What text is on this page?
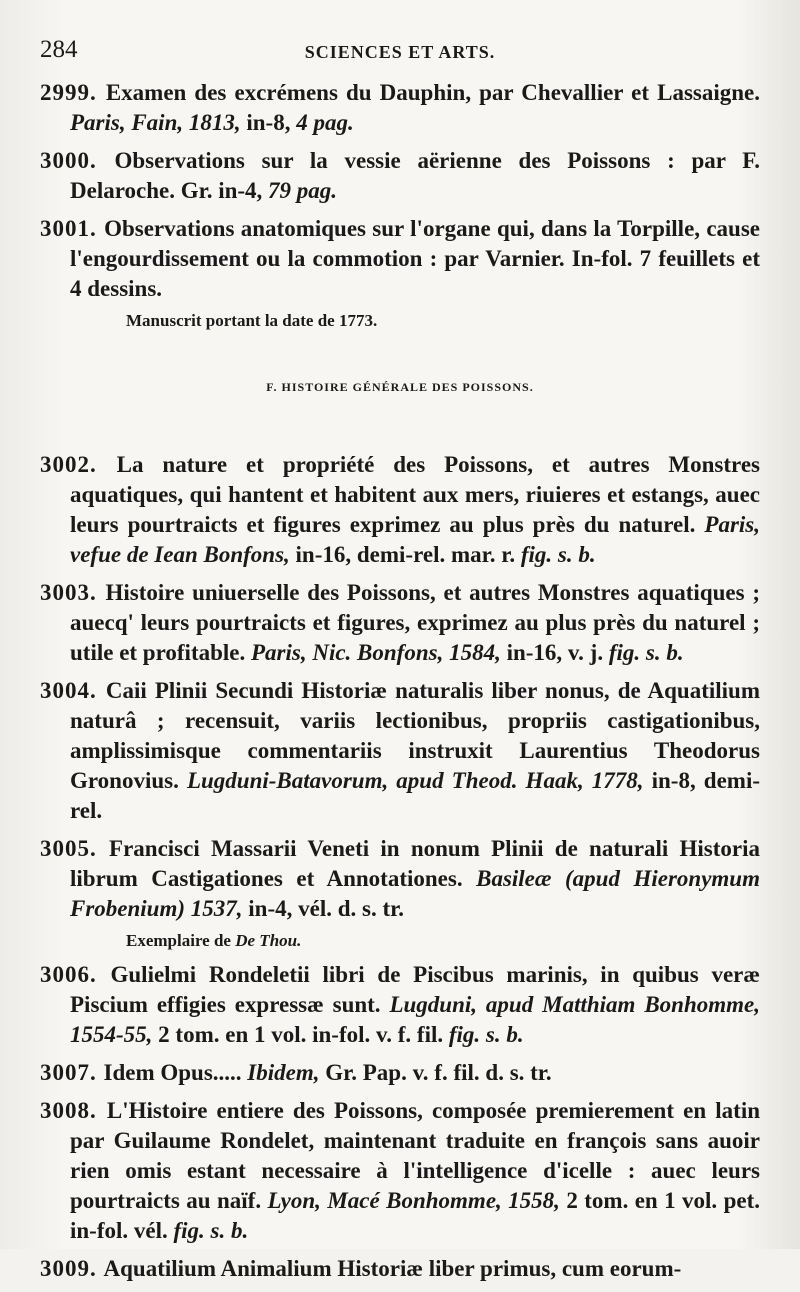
284	SCIENCES ET ARTS.

2999. Examen des excrémens du Dauphin, par Chevallier et Lassaigne. Paris, Fain, 1813, in-8, 4 pag.

3000. Observations sur la vessie aërienne des Poissons : par F. Delaroche. Gr. in-4, 79 pag.

3001. Observations anatomiques sur l'organe qui, dans la Torpille, cause l'engourdissement ou la commotion : par Varnier. In-fol. 7 feuillets et 4 dessins.

Manuscrit portant la date de 1773.
F. HISTOIRE GÉNÉRALE DES POISSONS.

3002. La nature et propriété des Poissons, et autres Monstres aquatiques, qui hantent et habitent aux mers, riuieres et estangs, auec leurs pourtraicts et figures exprimez au plus près du naturel. Paris, vefue de Iean Bonfons, in-16, demi-rel. mar. r. fig. s. b.

3003. Histoire uniuerselle des Poissons, et autres Monstres aquatiques ; auecq' leurs pourtraicts et figures, exprimez au plus près du naturel ; utile et profitable. Paris, Nic. Bonfons, 1584, in-16, v. j. fig. s. b.

3004. Caii Plinii Secundi Historiæ naturalis liber nonus, de Aquatilium naturâ ; recensuit, variis lectionibus, propriis castigationibus, amplissimisque commentariis instruxit Laurentius Theodorus Gronovius. Lugduni-Batavorum, apud Theod. Haak, 1778, in-8, demi-rel.

3005. Francisci Massarii Veneti in nonum Plinii de naturali Historia librum Castigationes et Annotationes. Basileæ (apud Hieronymum Frobenium) 1537, in-4, vél. d. s. tr.

Exemplaire de De Thou.

3006. Gulielmi Rondeletii libri de Piscibus marinis, in quibus veræ Piscium effigies expressæ sunt. Lugduni, apud Matthiam Bonhomme, 1554-55, 2 tom. en 1 vol. in-fol. v. f. fil. fig. s. b.

3007. Idem Opus..... Ibidem, Gr. Pap. v. f. fil. d. s. tr.

3008. L'Histoire entiere des Poissons, composée premierement en latin par Guilaume Rondelet, maintenant traduite en françois sans auoir rien omis estant necessaire à l'intelligence d'icelle : auec leurs pourtraicts au naïf. Lyon, Macé Bonhomme, 1558, 2 tom. en 1 vol. pet. in-fol. vél. fig. s. b.

3009. Aquatilium Animalium Historiæ liber primus, cum eorum-
